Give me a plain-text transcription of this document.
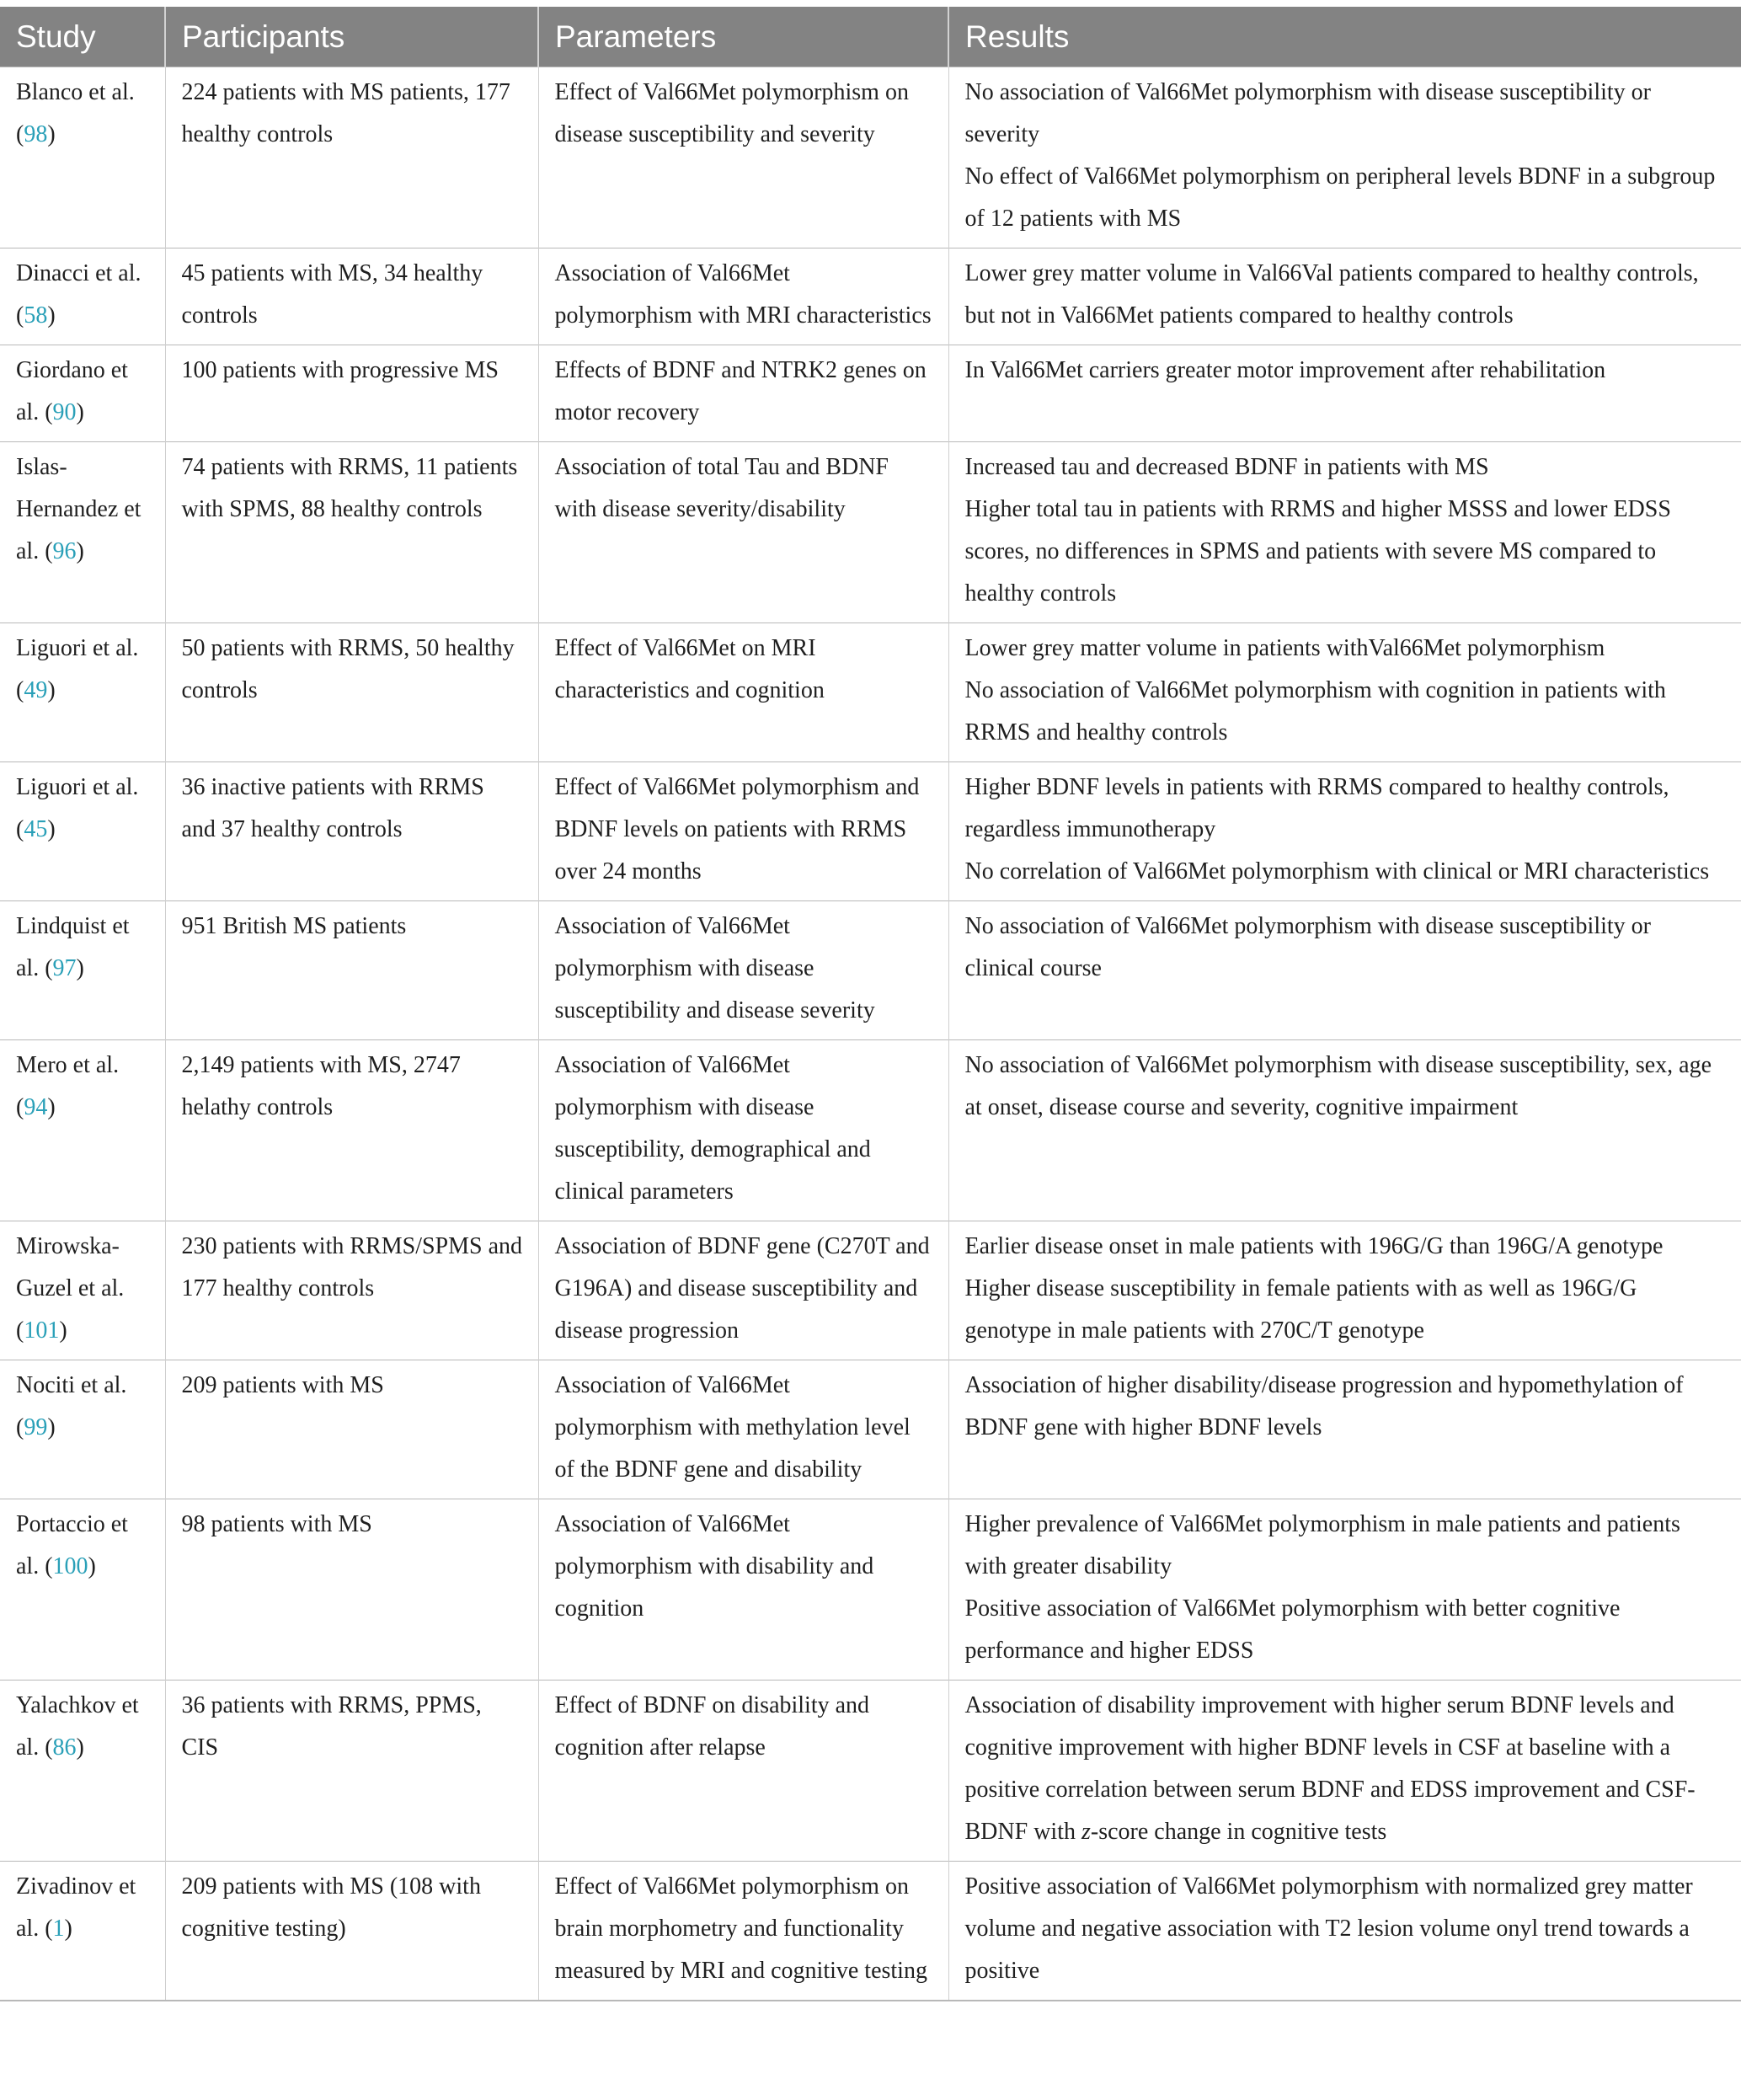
Study	Participants	Parameters	Results
Blanco et al. (98)	224 patients with MS patients, 177 healthy controls	Effect of Val66Met polymorphism on disease susceptibility and severity	No association of Val66Met polymorphism with disease susceptibility or severity
No effect of Val66Met polymorphism on peripheral levels BDNF in a subgroup of 12 patients with MS

Dinacci et al. (58)	45 patients with MS, 34 healthy controls	Association of Val66Met polymorphism with MRI characteristics	Lower grey matter volume in Val66Val patients compared to healthy controls, but not in Val66Met patients compared to healthy controls

Giordano et al. (90)	100 patients with progressive MS	Effects of BDNF and NTRK2 genes on motor recovery	In Val66Met carriers greater motor improvement after rehabilitation

Islas-Hernandez et al. (96)	74 patients with RRMS, 11 patients with SPMS, 88 healthy controls	Association of total Tau and BDNF with disease severity/disability	Increased tau and decreased BDNF in patients with MS
Higher total tau in patients with RRMS and higher MSSS and lower EDSS scores, no differences in SPMS and patients with severe MS compared to healthy controls

Liguori et al. (49)	50 patients with RRMS, 50 healthy controls	Effect of Val66Met on MRI characteristics and cognition	Lower grey matter volume in patients withVal66Met polymorphism
No association of Val66Met polymorphism with cognition in patients with RRMS and healthy controls

Liguori et al. (45)	36 inactive patients with RRMS and 37 healthy controls	Effect of Val66Met polymorphism and BDNF levels on patients with RRMS over 24 months	Higher BDNF levels in patients with RRMS compared to healthy controls, regardless immunotherapy
No correlation of Val66Met polymorphism with clinical or MRI characteristics

Lindquist et al. (97)	951 British MS patients	Association of Val66Met polymorphism with disease susceptibility and disease severity	No association of Val66Met polymorphism with disease susceptibility or clinical course

Mero et al. (94)	2,149 patients with MS, 2747 helathy controls	Association of Val66Met polymorphism with disease susceptibility, demographical and clinical parameters	No association of Val66Met polymorphism with disease susceptibility, sex, age at onset, disease course and severity, cognitive impairment

Mirowska-Guzel et al. (101)	230 patients with RRMS/SPMS and 177 healthy controls	Association of BDNF gene (C270T and G196A) and disease susceptibility and disease progression	Earlier disease onset in male patients with 196G/G than 196G/A genotype
Higher disease susceptibility in female patients with as well as 196G/G genotype in male patients with 270C/T genotype

Nociti et al. (99)	209 patients with MS	Association of Val66Met polymorphism with methylation level of the BDNF gene and disability	Association of higher disability/disease progression and hypomethylation of BDNF gene with higher BDNF levels

Portaccio et al. (100)	98 patients with MS	Association of Val66Met polymorphism with disability and cognition	Higher prevalence of Val66Met polymorphism in male patients and patients with greater disability
Positive association of Val66Met polymorphism with better cognitive performance and higher EDSS

Yalachkov et al. (86)	36 patients with RRMS, PPMS, CIS	Effect of BDNF on disability and cognition after relapse	Association of disability improvement with higher serum BDNF levels and cognitive improvement with higher BDNF levels in CSF at baseline with a positive correlation between serum BDNF and EDSS improvement and CSF-BDNF with z-score change in cognitive tests
Zivadinov et al. (1)	209 patients with MS (108 with cognitive testing)	Effect of Val66Met polymorphism on brain morphometry and functionality measured by MRI and cognitive testing	Positive association of Val66Met polymorphism with normalized grey matter volume and negative association with T2 lesion volume onyl trend towards a positive
